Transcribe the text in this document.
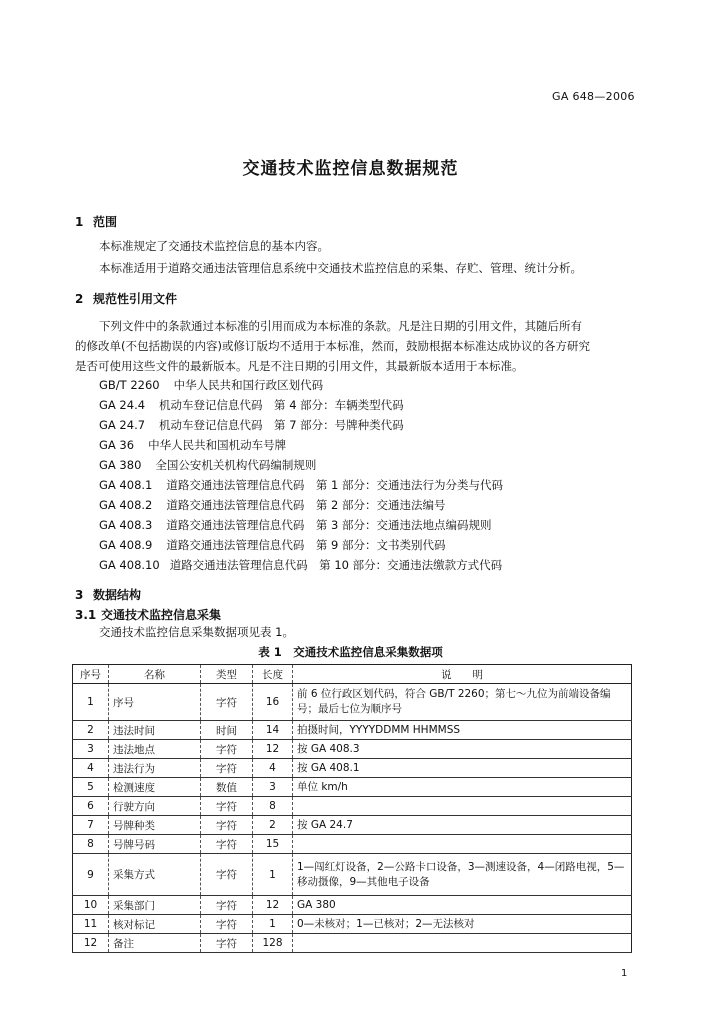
GA 648—2006
交通技术监控信息数据规范
1 范围
本标准规定了交通技术监控信息的基本内容。
本标准适用于道路交通违法管理信息系统中交通技术监控信息的采集、存贮、管理、统计分析。
2 规范性引用文件
下列文件中的条款通过本标准的引用而成为本标准的条款。凡是注日期的引用文件，其随后所有
的修改单(不包括勘误的内容)或修订版均不适用于本标准，然而，鼓励根据本标准达成协议的各方研究
是否可使用这些文件的最新版本。凡是不注日期的引用文件，其最新版本适用于本标准。
GB/T 2260 中华人民共和国行政区划代码
GA 24.4 机动车登记信息代码　第 4 部分：车辆类型代码
GA 24.7 机动车登记信息代码　第 7 部分：号牌种类代码
GA 36 中华人民共和国机动车号牌
GA 380 全国公安机关机构代码编制规则
GA 408.1 道路交通违法管理信息代码　第 1 部分：交通违法行为分类与代码
GA 408.2 道路交通违法管理信息代码　第 2 部分：交通违法编号
GA 408.3 道路交通违法管理信息代码　第 3 部分：交通违法地点编码规则
GA 408.9 道路交通违法管理信息代码　第 9 部分：文书类别代码
GA 408.10 道路交通违法管理信息代码　第 10 部分：交通违法缴款方式代码
3 数据结构
3.1 交通技术监控信息采集
交通技术监控信息采集数据项见表 1。
表 1　交通技术监控信息采集数据项
序号	名称	类型	长度	说　　明
1	序号	字符	16	前 6 位行政区划代码，符合 GB/T 2260；第七～九位为前端设备编号；最后七位为顺序号
2	违法时间	时间	14	拍摄时间，YYYYDDMM HHMMSS
3	违法地点	字符	12	按 GA 408.3
4	违法行为	字符	4	按 GA 408.1
5	检测速度	数值	3	单位 km/h
6	行驶方向	字符	8	
7	号牌种类	字符	2	按 GA 24.7
8	号牌号码	字符	15	
9	采集方式	字符	1	1—闯红灯设备，2—公路卡口设备，3—测速设备，4—闭路电视，5—移动摄像，9—其他电子设备
10	采集部门	字符	12	GA 380
11	核对标记	字符	1	0—未核对；1—已核对；2—无法核对
12	备注	字符	128	
1
